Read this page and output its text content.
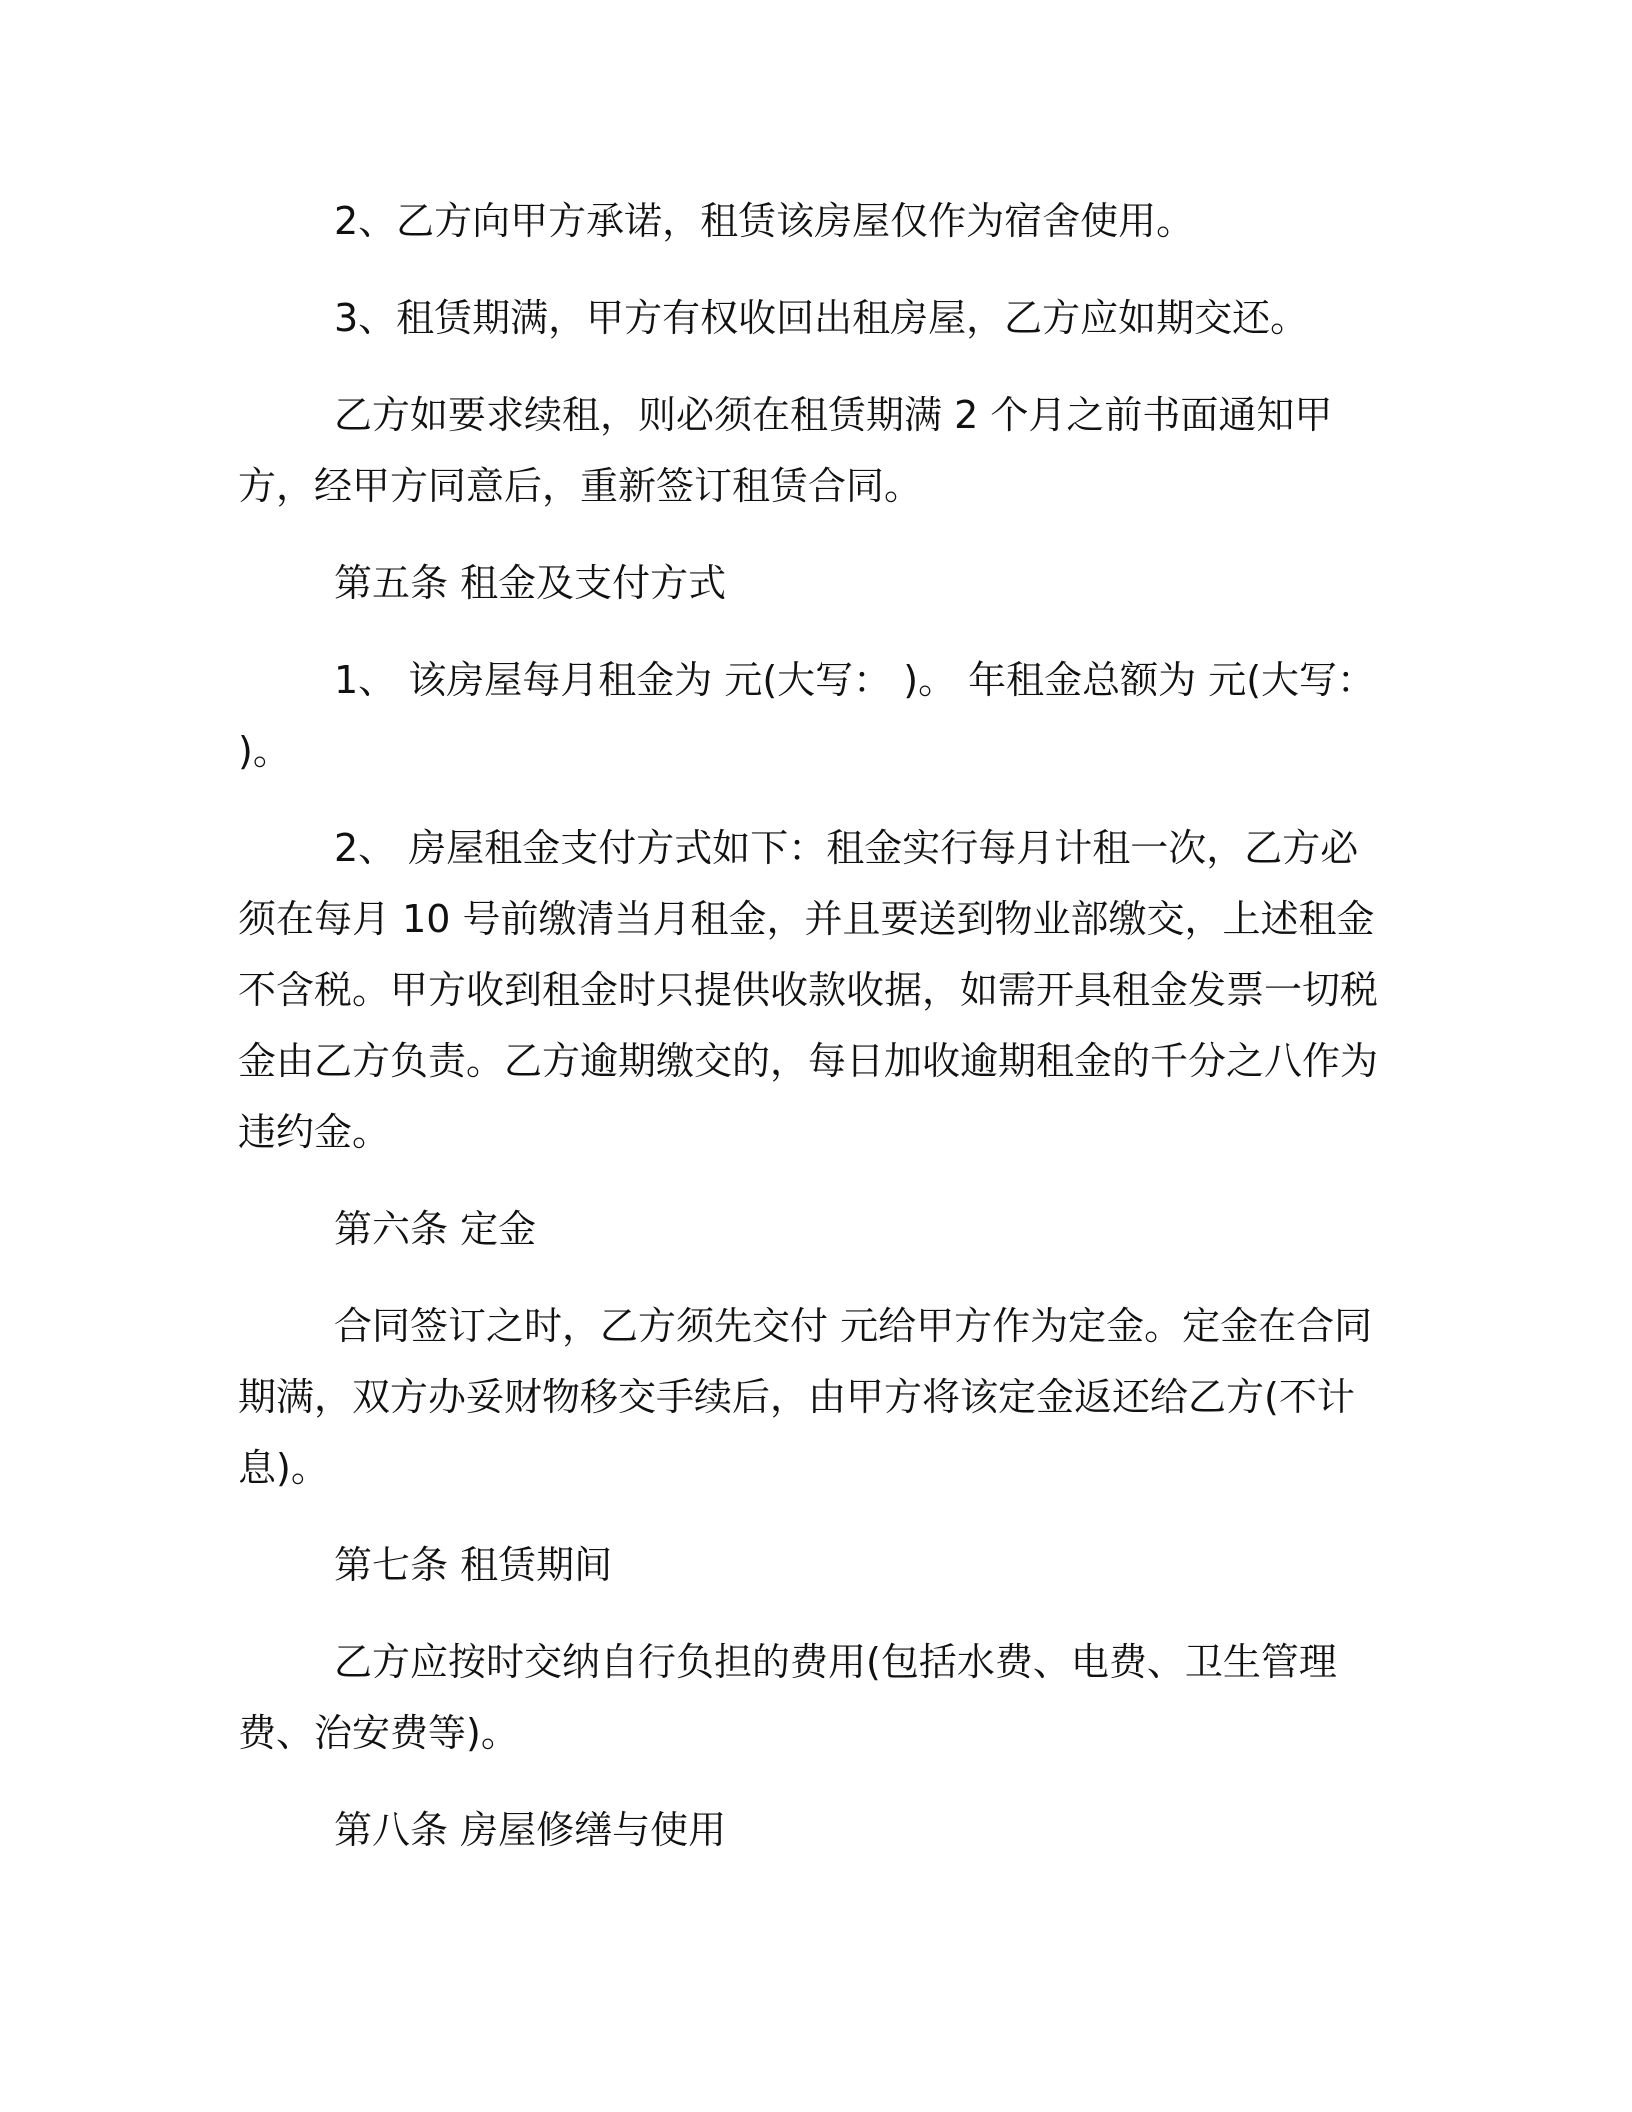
2、乙方向甲方承诺，租赁该房屋仅作为宿舍使用。

3、租赁期满，甲方有权收回出租房屋，乙方应如期交还。

乙方如要求续租，则必须在租赁期满 2 个月之前书面通知甲方，经甲方同意后，重新签订租赁合同。

第五条 租金及支付方式

1、 该房屋每月租金为 元(大写： )。 年租金总额为 元(大写： )。

2、 房屋租金支付方式如下：租金实行每月计租一次，乙方必须在每月 10 号前缴清当月租金，并且要送到物业部缴交，上述租金不含税。甲方收到租金时只提供收款收据，如需开具租金发票一切税金由乙方负责。乙方逾期缴交的，每日加收逾期租金的千分之八作为违约金。

第六条 定金

合同签订之时，乙方须先交付 元给甲方作为定金。定金在合同期满，双方办妥财物移交手续后，由甲方将该定金返还给乙方(不计息)。

第七条 租赁期间

乙方应按时交纳自行负担的费用(包括水费、电费、卫生管理费、治安费等)。

第八条 房屋修缮与使用
